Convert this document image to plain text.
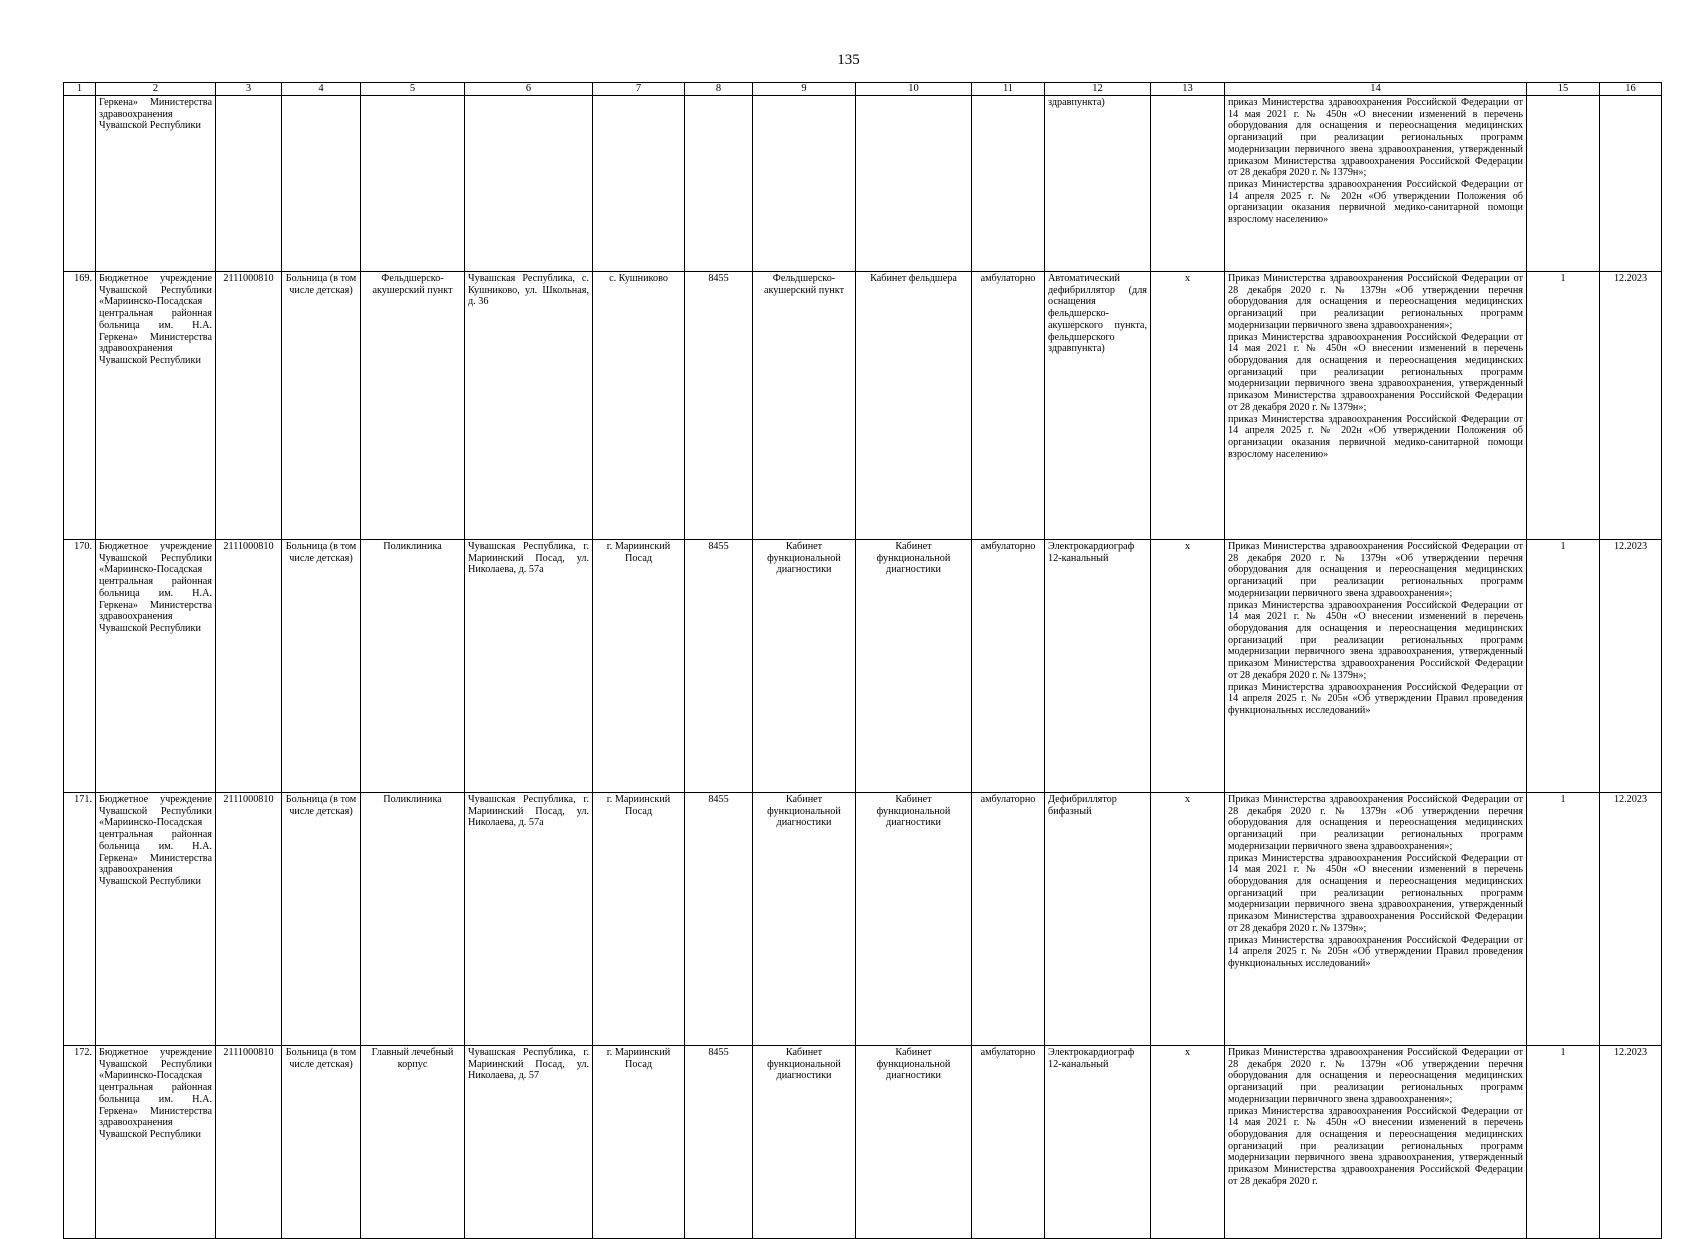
135
1	2	3	4	5	6	7	8	9	10	11	12	13	14	15	16
	Геркена» Министерства здравоохранения Чувашской Республики										здравпункта)		приказ Министерства здравоохранения Российской Федерации от 14 мая 2021 г. № 450н «О внесении изменений в перечень оборудования для оснащения и переоснащения медицинских организаций при реализации региональных программ модернизации первичного звена здравоохранения, утвержденный приказом Министерства здравоохранения Российской Федерации от 28 декабря 2020 г. № 1379н»;
приказ Министерства здравоохранения Российской Федерации от 14 апреля 2025 г. № 202н «Об утверждении Положения об организации оказания первичной медико-санитарной помощи взрослому населению»		
169.	Бюджетное учреждение Чувашской Республики «Мариинско-Посадская центральная районная больница им. Н.А. Геркена» Министерства здравоохранения Чувашской Республики	2111000810	Больница (в том числе детская)	Фельдшерско-акушерский пункт	Чувашская Республика, с. Кушниково, ул. Школьная, д. 36	с. Кушниково	8455	Фельдшерско-акушерский пункт	Кабинет фельдшера	амбулаторно	Автоматический дефибриллятор (для оснащения фельдшерско-акушерского пункта, фельдшерского здравпункта)	x	Приказ Министерства здравоохранения Российской Федерации от 28 декабря 2020 г. № 1379н «Об утверждении перечня оборудования для оснащения и переоснащения медицинских организаций при реализации региональных программ модернизации первичного звена здравоохранения»;
приказ Министерства здравоохранения Российской Федерации от 14 мая 2021 г. № 450н «О внесении изменений в перечень оборудования для оснащения и переоснащения медицинских организаций при реализации региональных программ модернизации первичного звена здравоохранения, утвержденный приказом Министерства здравоохранения Российской Федерации от 28 декабря 2020 г. № 1379н»;
приказ Министерства здравоохранения Российской Федерации от 14 апреля 2025 г. № 202н «Об утверждении Положения об организации оказания первичной медико-санитарной помощи взрослому населению»	1	12.2023
170.	Бюджетное учреждение Чувашской Республики «Мариинско-Посадская центральная районная больница им. Н.А. Геркена» Министерства здравоохранения Чувашской Республики	2111000810	Больница (в том числе детская)	Поликлиника	Чувашская Республика, г. Мариинский Посад, ул. Николаева, д. 57а	г. Мариинский Посад	8455	Кабинет функциональной диагностики	Кабинет функциональной диагностики	амбулаторно	Электрокардиограф 12-канальный	x	Приказ Министерства здравоохранения Российской Федерации от 28 декабря 2020 г. № 1379н «Об утверждении перечня оборудования для оснащения и переоснащения медицинских организаций при реализации региональных программ модернизации первичного звена здравоохранения»;
приказ Министерства здравоохранения Российской Федерации от 14 мая 2021 г. № 450н «О внесении изменений в перечень оборудования для оснащения и переоснащения медицинских организаций при реализации региональных программ модернизации первичного звена здравоохранения, утвержденный приказом Министерства здравоохранения Российской Федерации от 28 декабря 2020 г. № 1379н»;
приказ Министерства здравоохранения Российской Федерации от 14 апреля 2025 г. № 205н «Об утверждении Правил проведения функциональных исследований»	1	12.2023
171.	Бюджетное учреждение Чувашской Республики «Мариинско-Посадская центральная районная больница им. Н.А. Геркена» Министерства здравоохранения Чувашской Республики	2111000810	Больница (в том числе детская)	Поликлиника	Чувашская Республика, г. Мариинский Посад, ул. Николаева, д. 57а	г. Мариинский Посад	8455	Кабинет функциональной диагностики	Кабинет функциональной диагностики	амбулаторно	Дефибриллятор бифазный	x	Приказ Министерства здравоохранения Российской Федерации от 28 декабря 2020 г. № 1379н «Об утверждении перечня оборудования для оснащения и переоснащения медицинских организаций при реализации региональных программ модернизации первичного звена здравоохранения»;
приказ Министерства здравоохранения Российской Федерации от 14 мая 2021 г. № 450н «О внесении изменений в перечень оборудования для оснащения и переоснащения медицинских организаций при реализации региональных программ модернизации первичного звена здравоохранения, утвержденный приказом Министерства здравоохранения Российской Федерации от 28 декабря 2020 г. № 1379н»;
приказ Министерства здравоохранения Российской Федерации от 14 апреля 2025 г. № 205н «Об утверждении Правил проведения функциональных исследований»	1	12.2023
172.	Бюджетное учреждение Чувашской Республики «Мариинско-Посадская центральная районная больница им. Н.А. Геркена» Министерства здравоохранения Чувашской Республики	2111000810	Больница (в том числе детская)	Главный лечебный корпус	Чувашская Республика, г. Мариинский Посад, ул. Николаева, д. 57	г. Мариинский Посад	8455	Кабинет функциональной диагностики	Кабинет функциональной диагностики	амбулаторно	Электрокардиограф 12-канальный	x	Приказ Министерства здравоохранения Российской Федерации от 28 декабря 2020 г. № 1379н «Об утверждении перечня оборудования для оснащения и переоснащения медицинских организаций при реализации региональных программ модернизации первичного звена здравоохранения»;
приказ Министерства здравоохранения Российской Федерации от 14 мая 2021 г. № 450н «О внесении изменений в перечень оборудования для оснащения и переоснащения медицинских организаций при реализации региональных программ модернизации первичного звена здравоохранения, утвержденный приказом Министерства здравоохранения Российской Федерации от 28 декабря 2020 г.	1	12.2023
